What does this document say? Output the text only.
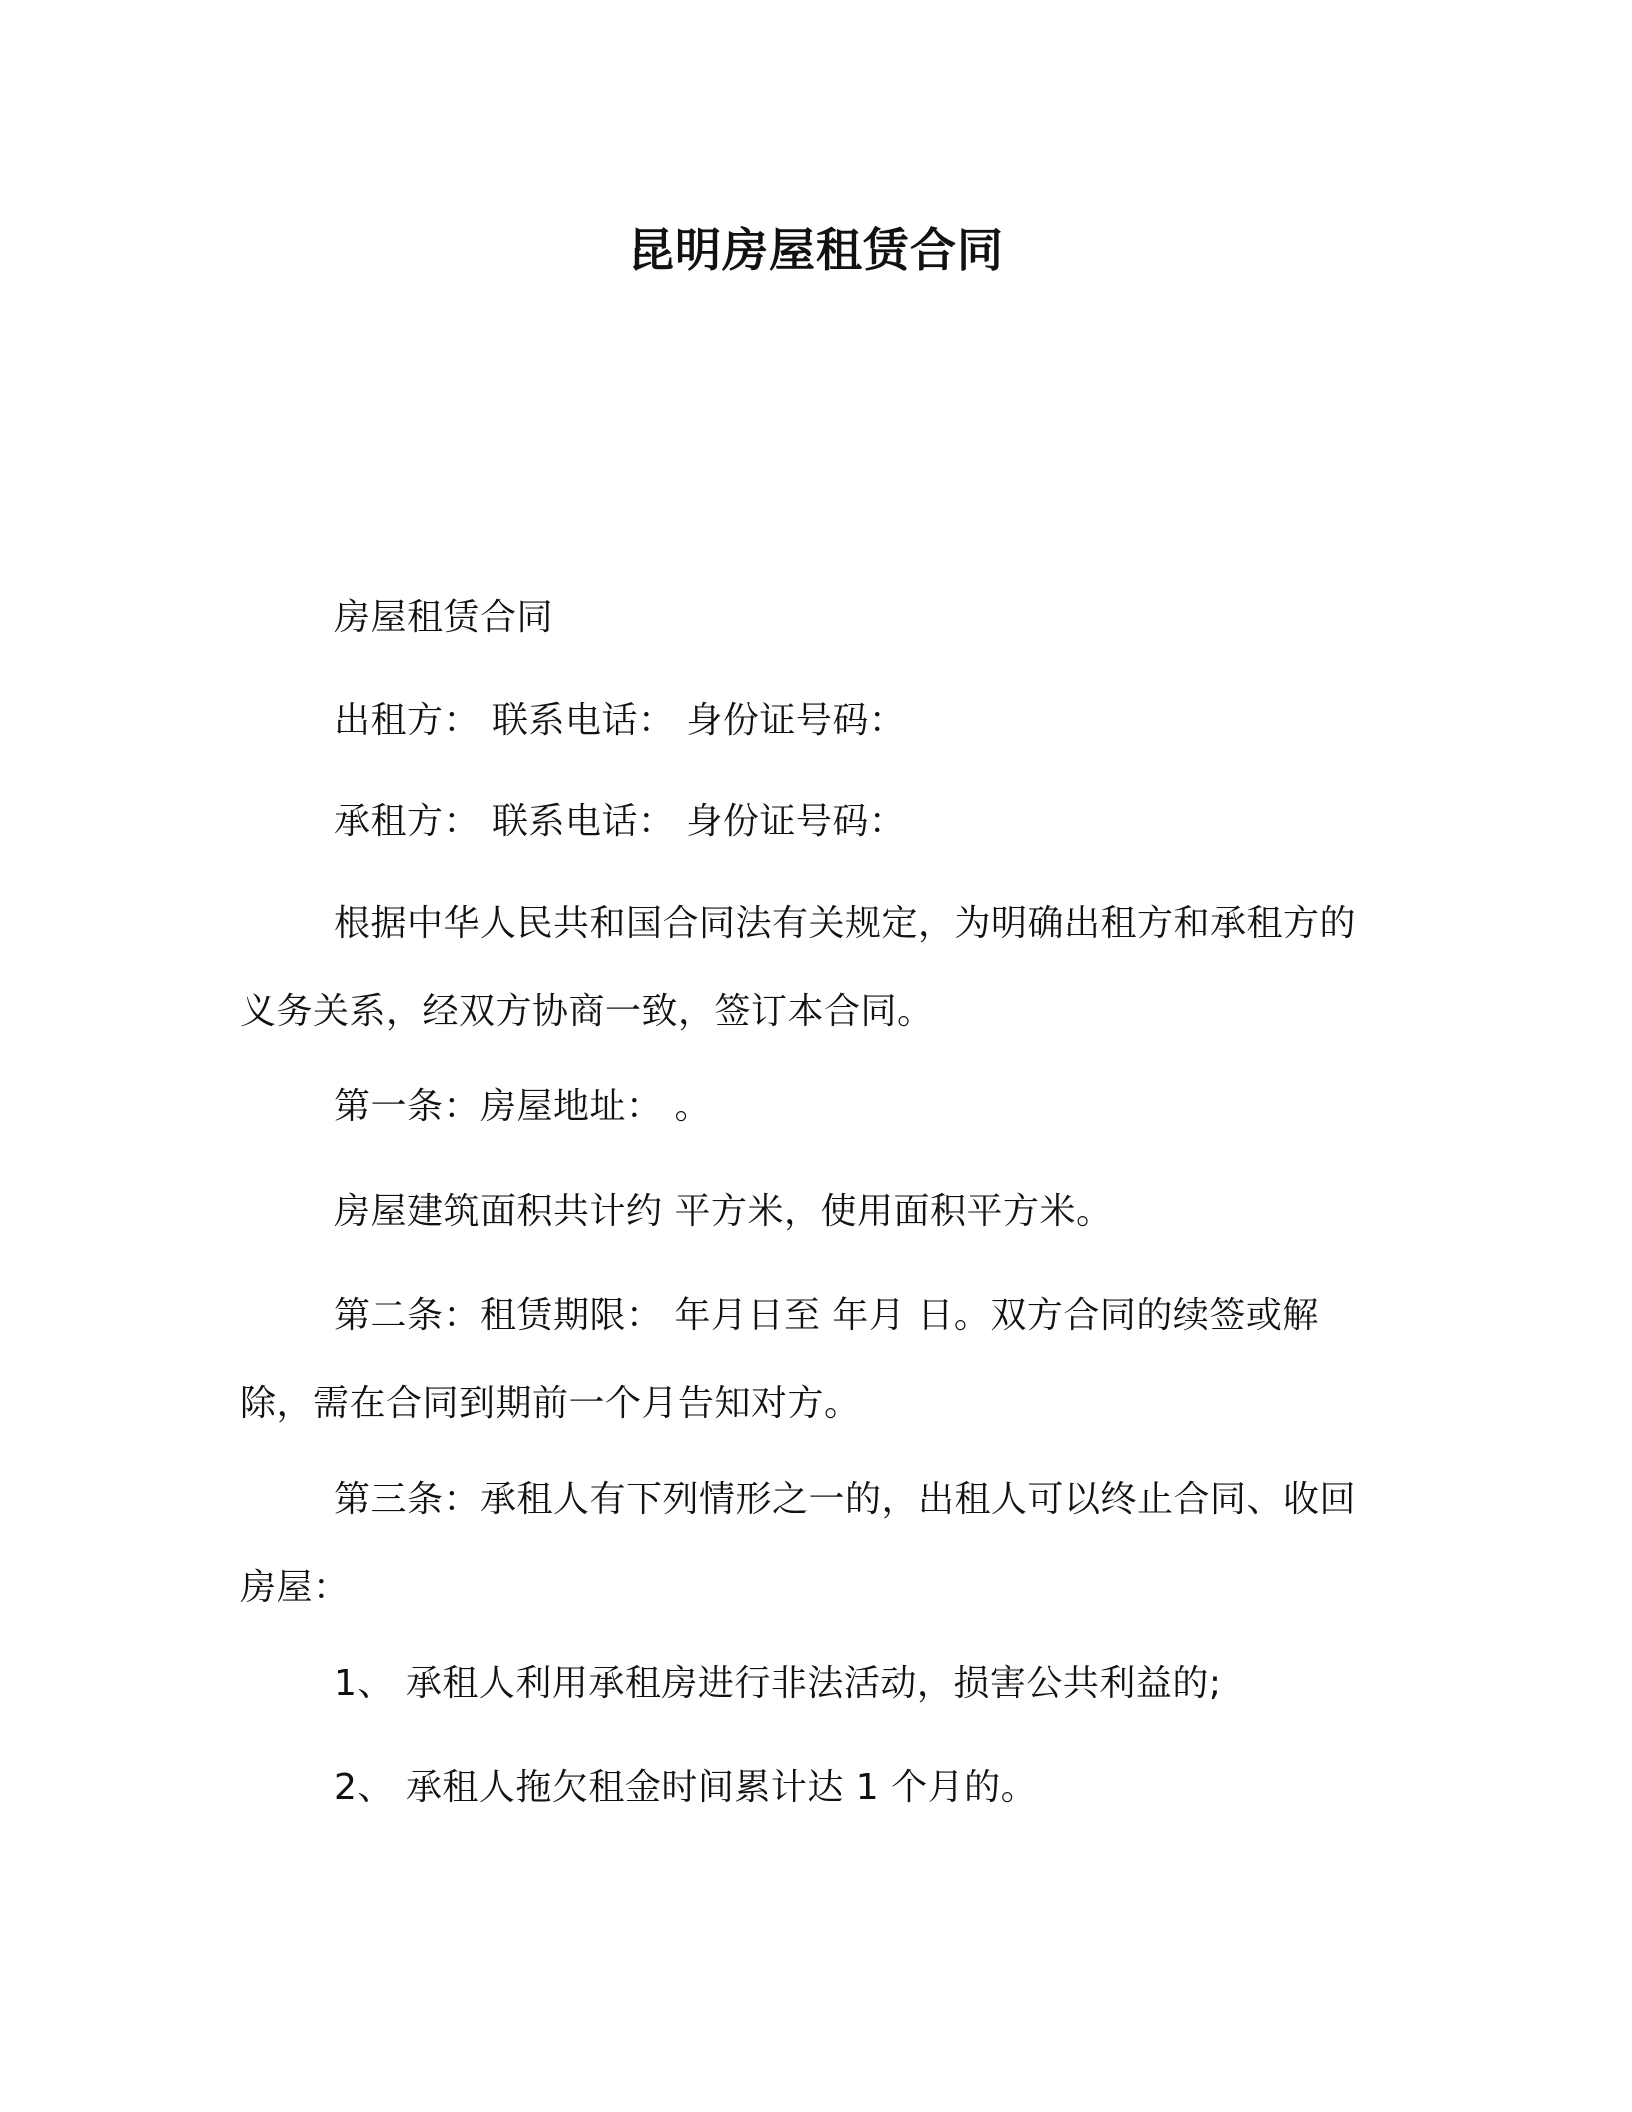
昆明房屋租赁合同

房屋租赁合同

出租方： 联系电话： 身份证号码：

承租方： 联系电话： 身份证号码：

根据中华人民共和国合同法有关规定，为明确出租方和承租方的义务关系，经双方协商一致，签订本合同。

第一条：房屋地址： 。

房屋建筑面积共计约 平方米，使用面积平方米。

第二条：租赁期限： 年月日至 年月 日。双方合同的续签或解除，需在合同到期前一个月告知对方。

第三条：承租人有下列情形之一的，出租人可以终止合同、收回房屋：

1、 承租人利用承租房进行非法活动，损害公共利益的;

2、 承租人拖欠租金时间累计达 1 个月的。
